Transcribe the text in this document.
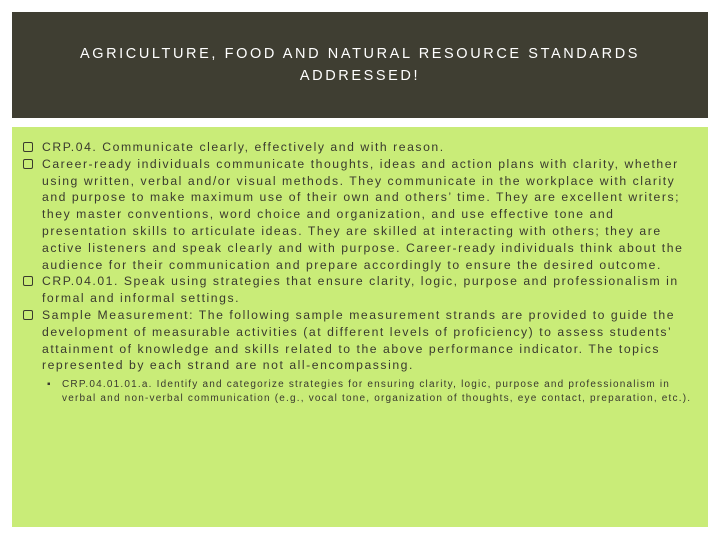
AGRICULTURE, FOOD AND NATURAL RESOURCE STANDARDS ADDRESSED!
CRP.04. Communicate clearly, effectively and with reason.
Career-ready individuals communicate thoughts, ideas and action plans with clarity, whether using written, verbal and/or visual methods. They communicate in the workplace with clarity and purpose to make maximum use of their own and others’ time. They are excellent writers; they master conventions, word choice and organization, and use effective tone and presentation skills to articulate ideas. They are skilled at interacting with others; they are active listeners and speak clearly and with purpose. Career-ready individuals think about the audience for their communication and prepare accordingly to ensure the desired outcome.
CRP.04.01. Speak using strategies that ensure clarity, logic, purpose and professionalism in formal and informal settings.
Sample Measurement: The following sample measurement strands are provided to guide the development of measurable activities (at different levels of proficiency) to assess students’ attainment of knowledge and skills related to the above performance indicator. The topics represented by each strand are not all-encompassing.
▪ CRP.04.01.01.a. Identify and categorize strategies for ensuring clarity, logic, purpose and professionalism in verbal and non-verbal communication (e.g., vocal tone, organization of thoughts, eye contact, preparation, etc.).
